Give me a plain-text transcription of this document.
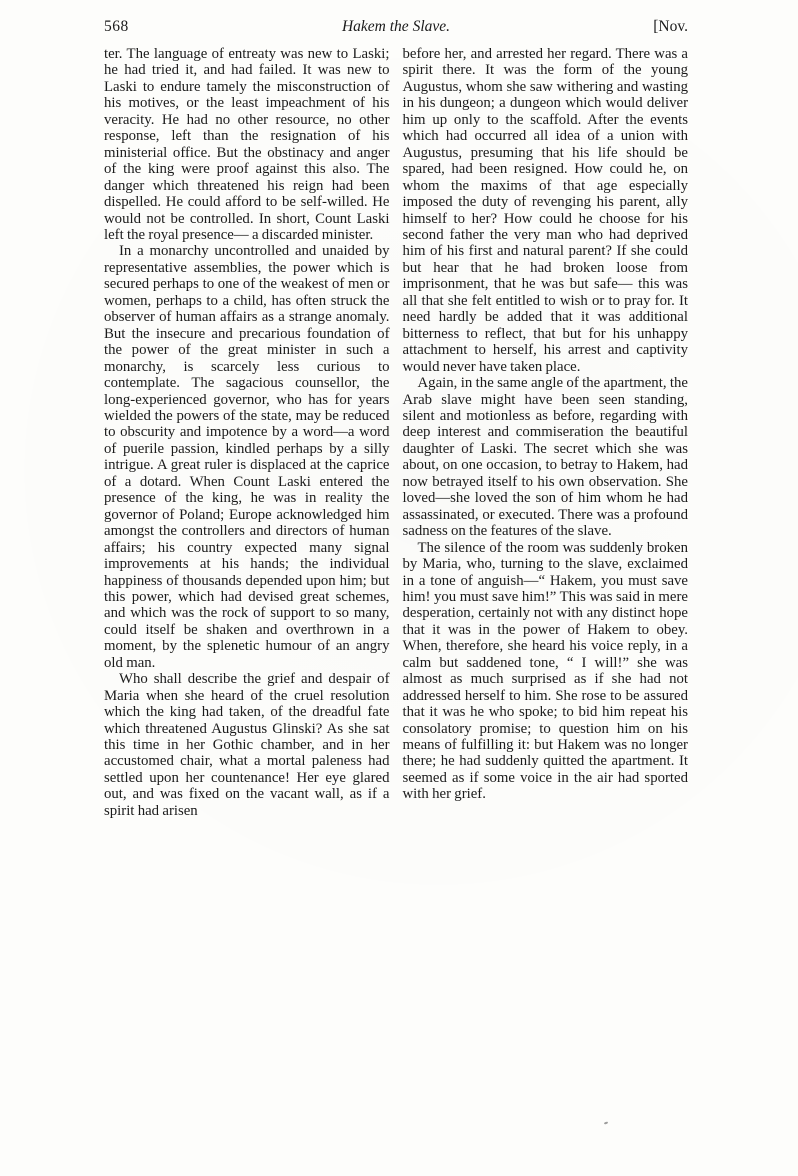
568	Hakem the Slave.	[Nov.

ter. The language of entreaty was new to Laski; he had tried it, and had failed. It was new to Laski to endure tamely the misconstruction of his motives, or the least impeachment of his veracity. He had no other resource, no other response, left than the resignation of his ministerial office. But the obstinacy and anger of the king were proof against this also. The danger which threatened his reign had been dispelled. He could afford to be self-willed. He would not be controlled. In short, Count Laski left the royal presence— a discarded minister.

In a monarchy uncontrolled and unaided by representative assemblies, the power which is secured perhaps to one of the weakest of men or women, perhaps to a child, has often struck the observer of human affairs as a strange anomaly. But the insecure and precarious foundation of the power of the great minister in such a monarchy, is scarcely less curious to contemplate. The sagacious counsellor, the long-experienced governor, who has for years wielded the powers of the state, may be reduced to obscurity and impotence by a word—a word of puerile passion, kindled perhaps by a silly intrigue. A great ruler is displaced at the caprice of a dotard. When Count Laski entered the presence of the king, he was in reality the governor of Poland; Europe acknowledged him amongst the controllers and directors of human affairs; his country expected many signal improvements at his hands; the individual happiness of thousands depended upon him; but this power, which had devised great schemes, and which was the rock of support to so many, could itself be shaken and overthrown in a moment, by the splenetic humour of an angry old man.

Who shall describe the grief and despair of Maria when she heard of the cruel resolution which the king had taken, of the dreadful fate which threatened Augustus Glinski? As she sat this time in her Gothic chamber, and in her accustomed chair, what a mortal paleness had settled upon her countenance! Her eye glared out, and was fixed on the vacant wall, as if a spirit had arisen

before her, and arrested her regard. There was a spirit there. It was the form of the young Augustus, whom she saw withering and wasting in his dungeon; a dungeon which would deliver him up only to the scaffold. After the events which had occurred all idea of a union with Augustus, presuming that his life should be spared, had been resigned. How could he, on whom the maxims of that age especially imposed the duty of revenging his parent, ally himself to her? How could he choose for his second father the very man who had deprived him of his first and natural parent? If she could but hear that he had broken loose from imprisonment, that he was but safe— this was all that she felt entitled to wish or to pray for. It need hardly be added that it was additional bitterness to reflect, that but for his unhappy attachment to herself, his arrest and captivity would never have taken place.

Again, in the same angle of the apartment, the Arab slave might have been seen standing, silent and motionless as before, regarding with deep interest and commiseration the beautiful daughter of Laski. The secret which she was about, on one occasion, to betray to Hakem, had now betrayed itself to his own observation. She loved—she loved the son of him whom he had assassinated, or executed. There was a profound sadness on the features of the slave.

The silence of the room was suddenly broken by Maria, who, turning to the slave, exclaimed in a tone of anguish—“ Hakem, you must save him! you must save him!” This was said in mere desperation, certainly not with any distinct hope that it was in the power of Hakem to obey. When, therefore, she heard his voice reply, in a calm but saddened tone, “ I will!” she was almost as much surprised as if she had not addressed herself to him. She rose to be assured that it was he who spoke; to bid him repeat his consolatory promise; to question him on his means of fulfilling it: but Hakem was no longer there; he had suddenly quitted the apartment. It seemed as if some voice in the air had sported with her grief.
